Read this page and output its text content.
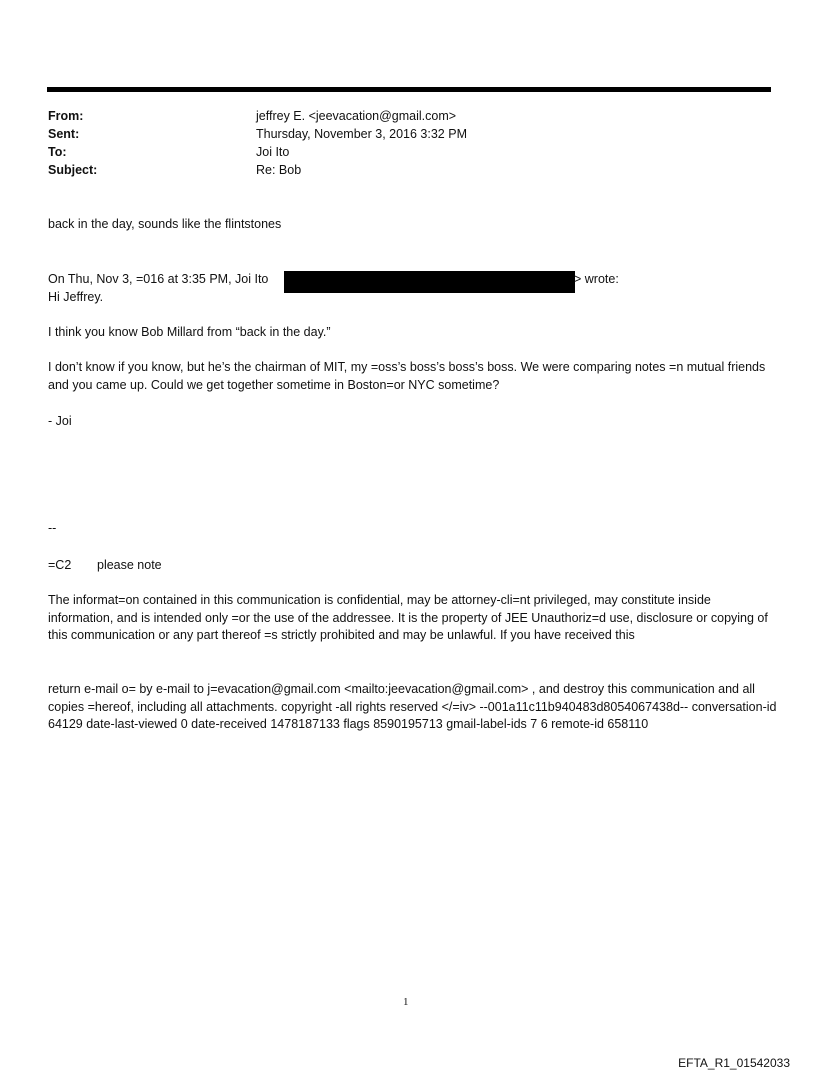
From:	jeffrey E. <jeevacation@gmail.com>
Sent:	Thursday, November 3, 2016 3:32 PM
To:	Joi Ito
Subject:	Re: Bob
back in the day, sounds like the flintstones
On Thu, Nov 3, =016 at 3:35 PM, Joi Ito	> wrote:
Hi Jeffrey.
I think you know Bob Millard from “back in the day.”
I don’t know if you know, but he’s the chairman of MIT, my =oss’s boss’s boss’s boss. We were comparing notes =n mutual friends and you came up. Could we get together sometime in Boston=or NYC sometime?
- Joi
--
=C2 please note
The informat=on contained in this communication is confidential, may be attorney-cli=nt privileged, may constitute inside information, and is intended only =or the use of the addressee. It is the property of JEE Unauthoriz=d use, disclosure or copying of this communication or any part thereof =s strictly prohibited and may be unlawful. If you have received this
return e-mail o= by e-mail to j=evacation@gmail.com <mailto:jeevacation@gmail.com> , and destroy this communication and all copies =hereof, including all attachments. copyright -all rights reserved </=iv> --001a11c11b940483d8054067438d-- conversation-id 64129 date-last-viewed 0 date-received 1478187133 flags 8590195713 gmail-label-ids 7 6 remote-id 658110
1
EFTA_R1_01542033
